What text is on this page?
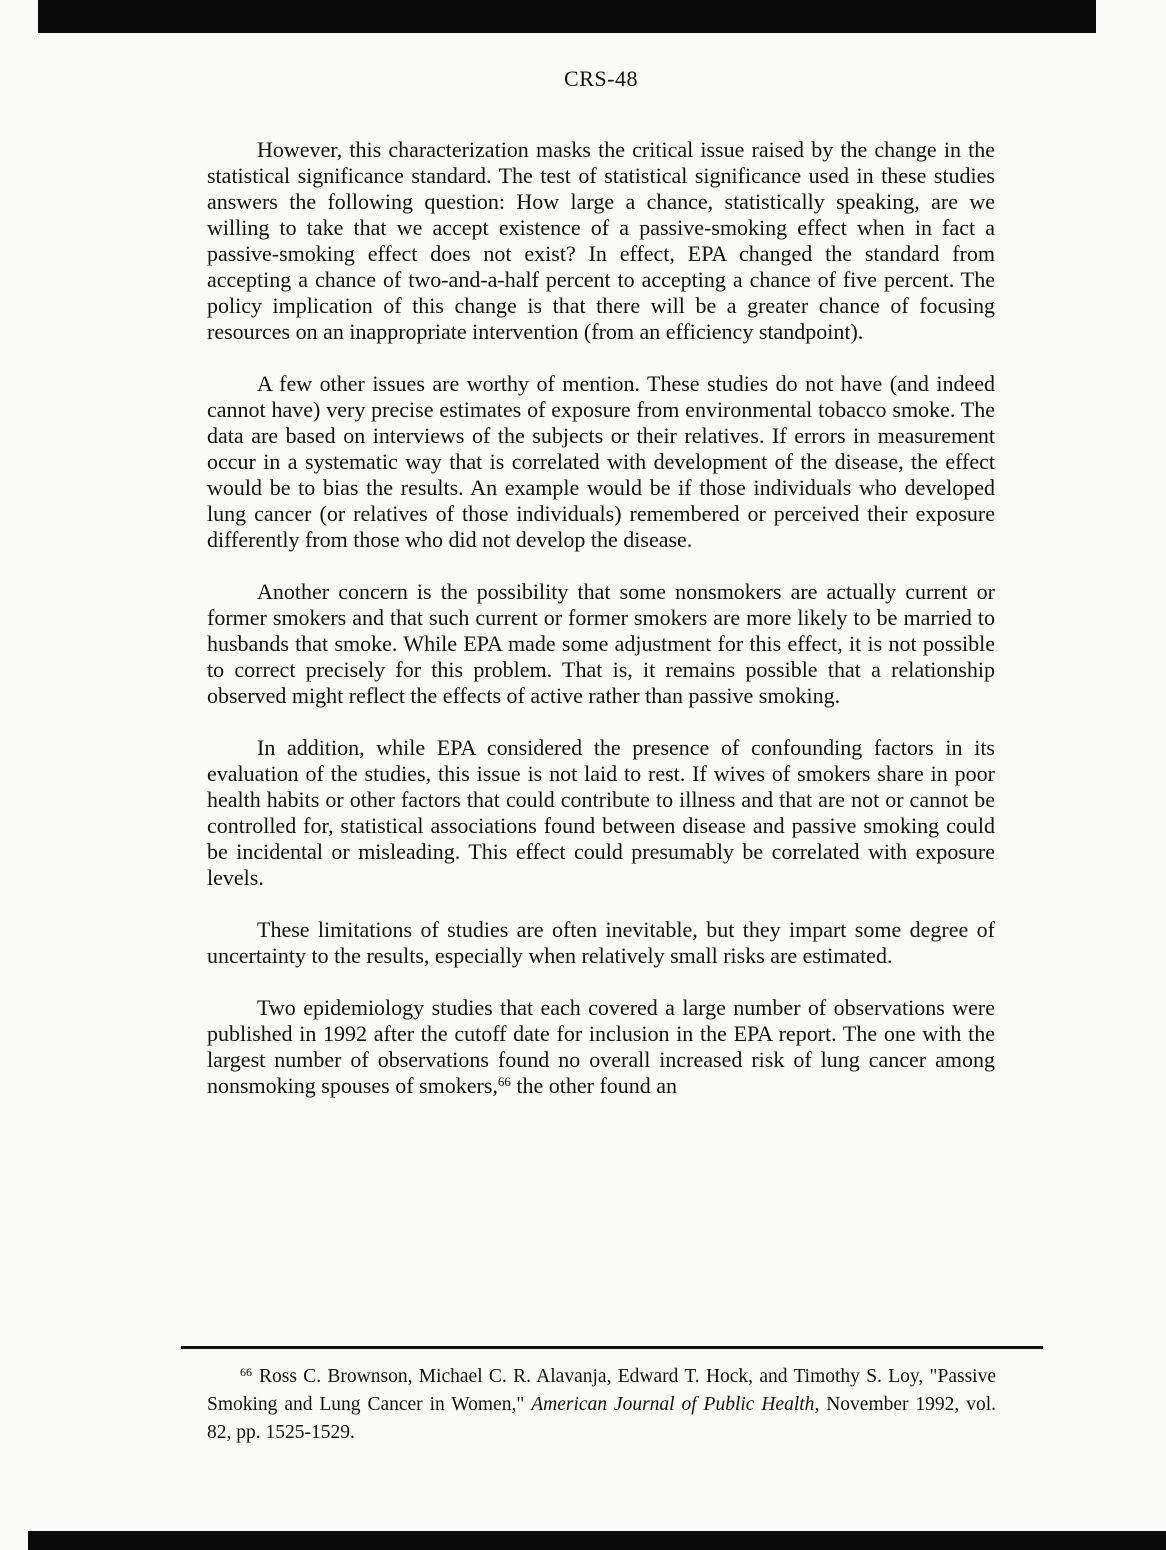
CRS-48

However, this characterization masks the critical issue raised by the change in the statistical significance standard. The test of statistical significance used in these studies answers the following question: How large a chance, statistically speaking, are we willing to take that we accept existence of a passive-smoking effect when in fact a passive-smoking effect does not exist? In effect, EPA changed the standard from accepting a chance of two-and-a-half percent to accepting a chance of five percent. The policy implication of this change is that there will be a greater chance of focusing resources on an inappropriate intervention (from an efficiency standpoint).

A few other issues are worthy of mention. These studies do not have (and indeed cannot have) very precise estimates of exposure from environmental tobacco smoke. The data are based on interviews of the subjects or their relatives. If errors in measurement occur in a systematic way that is correlated with development of the disease, the effect would be to bias the results. An example would be if those individuals who developed lung cancer (or relatives of those individuals) remembered or perceived their exposure differently from those who did not develop the disease.

Another concern is the possibility that some nonsmokers are actually current or former smokers and that such current or former smokers are more likely to be married to husbands that smoke. While EPA made some adjustment for this effect, it is not possible to correct precisely for this problem. That is, it remains possible that a relationship observed might reflect the effects of active rather than passive smoking.

In addition, while EPA considered the presence of confounding factors in its evaluation of the studies, this issue is not laid to rest. If wives of smokers share in poor health habits or other factors that could contribute to illness and that are not or cannot be controlled for, statistical associations found between disease and passive smoking could be incidental or misleading. This effect could presumably be correlated with exposure levels.

These limitations of studies are often inevitable, but they impart some degree of uncertainty to the results, especially when relatively small risks are estimated.

Two epidemiology studies that each covered a large number of observations were published in 1992 after the cutoff date for inclusion in the EPA report. The one with the largest number of observations found no overall increased risk of lung cancer among nonsmoking spouses of smokers,$^{66}$ the other found an

$^{66}$ Ross C. Brownson, Michael C. R. Alavanja, Edward T. Hock, and Timothy S. Loy, "Passive Smoking and Lung Cancer in Women," American Journal of Public Health, November 1992, vol. 82, pp. 1525-1529.
